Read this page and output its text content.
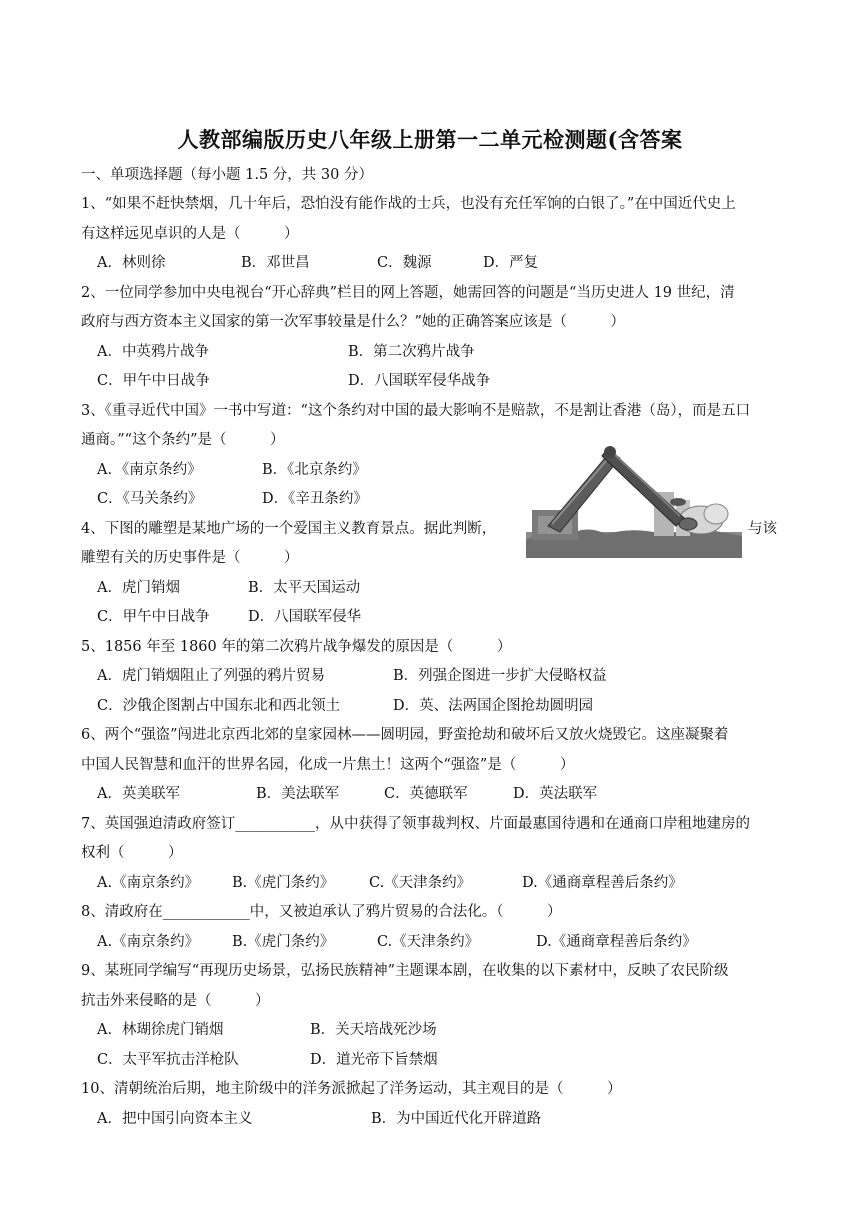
人教部编版历史八年级上册第一二单元检测题(含答案
一、单项选择题（每小题 1.5 分，共 30 分）
1、“如果不赶快禁烟，几十年后，恐怕没有能作战的士兵，也没有充任军饷的白银了。”在中国近代史上
有这样远见卓识的人是（　　　）
A．林则徐	B．邓世昌	C．魏源	D．严复
2、一位同学参加中央电视台“开心辞典”栏目的网上答题，她需回答的问题是“当历史进人 19 世纪，清
政府与西方资本主义国家的第一次军事较量是什么？”她的正确答案应该是（　　　）
A．中英鸦片战争	B．第二次鸦片战争
C．甲午中日战争	D．八国联军侵华战争
3、《重寻近代中国》一书中写道：“这个条约对中国的最大影响不是赔款，不是割让香港（岛），而是五口
通商。”“这个条约”是（　　　）
A．《南京条约》	B．《北京条约》
C．《马关条约》	D．《辛丑条约》
4、下图的雕塑是某地广场的一个爱国主义教育景点。据此判断，	与该
雕塑有关的历史事件是（　　　）
A．虎门销烟	B．太平天国运动
C．甲午中日战争	D．八国联军侵华
5、1856 年至 1860 年的第二次鸦片战争爆发的原因是（　　　）
A．虎门销烟阻止了列强的鸦片贸易	B．列强企图进一步扩大侵略权益
C．沙俄企图割占中国东北和西北领土	D．英、法两国企图抢劫圆明园
6、两个“强盗”闯进北京西北郊的皇家园林——圆明园，野蛮抢劫和破坏后又放火烧毁它。这座凝聚着
中国人民智慧和血汗的世界名园，化成一片焦土！这两个“强盗”是（　　　）
A．英美联军	B．美法联军	C．英德联军	D．英法联军
7、英国强迫清政府签订___________，从中获得了领事裁判权、片面最惠国待遇和在通商口岸租地建房的
权利（　　　）
A.《南京条约》 B.《虎门条约》 C.《天津条约》	D.《通商章程善后条约》
8、清政府在____________中，又被迫承认了鸦片贸易的合法化。（　　　）
A.《南京条约》 B.《虎门条约》	C.《天津条约》	D.《通商章程善后条约》
9、某班同学编写“再现历史场景，弘扬民族精神”主题课本剧，在收集的以下素材中，反映了农民阶级
抗击外来侵略的是（　　　）
A．林瑚徐虎门销烟	B．关天培战死沙场
C．太平军抗击洋枪队	D．道光帝下旨禁烟
10、清朝统治后期，地主阶级中的洋务派掀起了洋务运动，其主观目的是（　　　）
A．把中国引向资本主义	B．为中国近代化开辟道路
